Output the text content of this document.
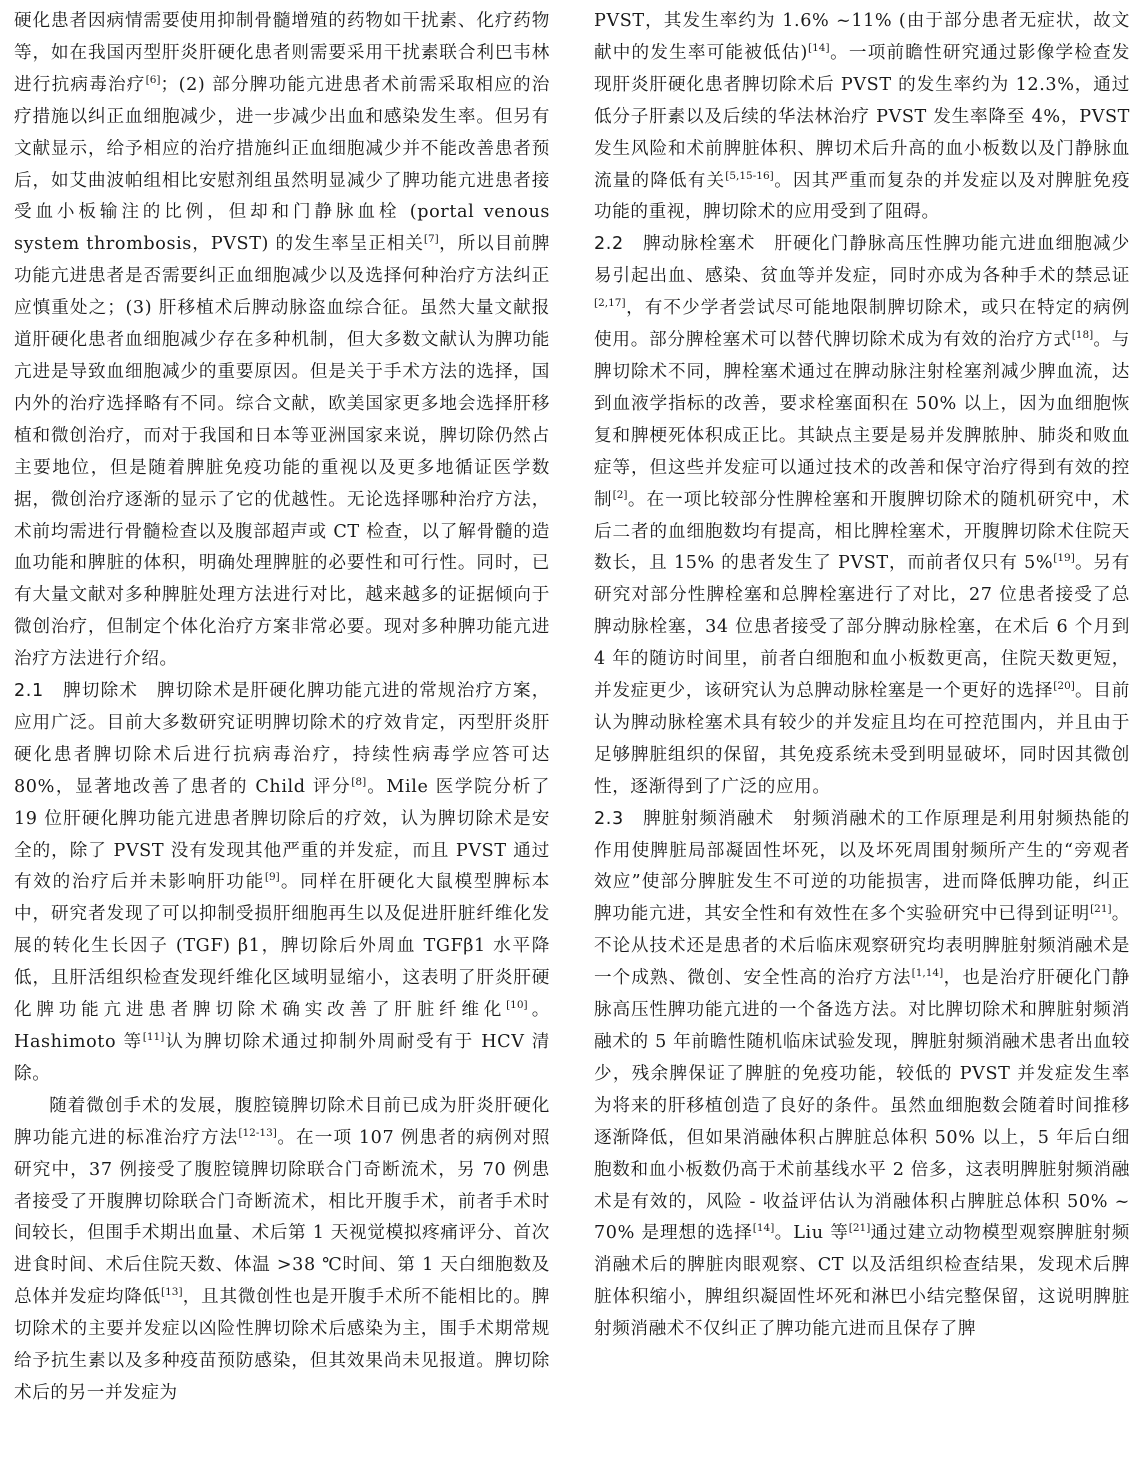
硬化患者因病情需要使用抑制骨髓增殖的药物如干扰素、化疗药物等，如在我国丙型肝炎肝硬化患者则需要采用干扰素联合利巴韦林进行抗病毒治疗[6]；(2) 部分脾功能亢进患者术前需采取相应的治疗措施以纠正血细胞减少，进一步减少出血和感染发生率。但另有文献显示，给予相应的治疗措施纠正血细胞减少并不能改善患者预后，如艾曲波帕组相比安慰剂组虽然明显减少了脾功能亢进患者接受血小板输注的比例，但却和门静脉血栓 (portal venous system thrombosis，PVST) 的发生率呈正相关[7]，所以目前脾功能亢进患者是否需要纠正血细胞减少以及选择何种治疗方法纠正应慎重处之；(3) 肝移植术后脾动脉盗血综合征。虽然大量文献报道肝硬化患者血细胞减少存在多种机制，但大多数文献认为脾功能亢进是导致血细胞减少的重要原因。但是关于手术方法的选择，国内外的治疗选择略有不同。综合文献，欧美国家更多地会选择肝移植和微创治疗，而对于我国和日本等亚洲国家来说，脾切除仍然占主要地位，但是随着脾脏免疫功能的重视以及更多地循证医学数据，微创治疗逐渐的显示了它的优越性。无论选择哪种治疗方法，术前均需进行骨髓检查以及腹部超声或 CT 检查，以了解骨髓的造血功能和脾脏的体积，明确处理脾脏的必要性和可行性。同时，已有大量文献对多种脾脏处理方法进行对比，越来越多的证据倾向于微创治疗，但制定个体化治疗方案非常必要。现对多种脾功能亢进治疗方法进行介绍。

2.1　 脾切除术　 脾切除术是肝硬化脾功能亢进的常规治疗方案，应用广泛。目前大多数研究证明脾切除术的疗效肯定，丙型肝炎肝硬化患者脾切除术后进行抗病毒治疗，持续性病毒学应答可达 80%，显著地改善了患者的 Child 评分[8]。Mile 医学院分析了 19 位肝硬化脾功能亢进患者脾切除后的疗效，认为脾切除术是安全的，除了 PVST 没有发现其他严重的并发症，而且 PVST 通过有效的治疗后并未影响肝功能[9]。同样在肝硬化大鼠模型脾标本中，研究者发现了可以抑制受损肝细胞再生以及促进肝脏纤维化发展的转化生长因子 (TGF) β1，脾切除后外周血 TGFβ1 水平降低，且肝活组织检查发现纤维化区域明显缩小，这表明了肝炎肝硬化脾功能亢进患者脾切除术确实改善了肝脏纤维化[10]。Hashimoto 等[11]认为脾切除术通过抑制外周耐受有于 HCV 清除。

随着微创手术的发展，腹腔镜脾切除术目前已成为肝炎肝硬化脾功能亢进的标准治疗方法[12-13]。在一项 107 例患者的病例对照研究中，37 例接受了腹腔镜脾切除联合门奇断流术，另 70 例患者接受了开腹脾切除联合门奇断流术，相比开腹手术，前者手术时间较长，但围手术期出血量、术后第 1 天视觉模拟疼痛评分、首次进食时间、术后住院天数、体温 >38 ℃时间、第 1 天白细胞数及总体并发症均降低[13]，且其微创性也是开腹手术所不能相比的。脾切除术的主要并发症以凶险性脾切除术后感染为主，围手术期常规给予抗生素以及多种疫苗预防感染，但其效果尚未见报道。脾切除术后的另一并发症为

PVST，其发生率约为 1.6% ~11% (由于部分患者无症状，故文献中的发生率可能被低估)[14]。一项前瞻性研究通过影像学检查发现肝炎肝硬化患者脾切除术后 PVST 的发生率约为 12.3%，通过低分子肝素以及后续的华法林治疗 PVST 发生率降至 4%，PVST 发生风险和术前脾脏体积、脾切术后升高的血小板数以及门静脉血流量的降低有关[5,15-16]。因其严重而复杂的并发症以及对脾脏免疫功能的重视，脾切除术的应用受到了阻碍。

2.2　 脾动脉栓塞术　 肝硬化门静脉高压性脾功能亢进血细胞减少易引起出血、感染、贫血等并发症，同时亦成为各种手术的禁忌证[2,17]，有不少学者尝试尽可能地限制脾切除术，或只在特定的病例使用。部分脾栓塞术可以替代脾切除术成为有效的治疗方式[18]。与脾切除术不同，脾栓塞术通过在脾动脉注射栓塞剂减少脾血流，达到血液学指标的改善，要求栓塞面积在 50% 以上，因为血细胞恢复和脾梗死体积成正比。其缺点主要是易并发脾脓肿、肺炎和败血症等，但这些并发症可以通过技术的改善和保守治疗得到有效的控制[2]。在一项比较部分性脾栓塞和开腹脾切除术的随机研究中，术后二者的血细胞数均有提高，相比脾栓塞术，开腹脾切除术住院天数长，且 15% 的患者发生了 PVST，而前者仅只有 5%[19]。另有研究对部分性脾栓塞和总脾栓塞进行了对比，27 位患者接受了总脾动脉栓塞，34 位患者接受了部分脾动脉栓塞，在术后 6 个月到 4 年的随访时间里，前者白细胞和血小板数更高，住院天数更短，并发症更少，该研究认为总脾动脉栓塞是一个更好的选择[20]。目前认为脾动脉栓塞术具有较少的并发症且均在可控范围内，并且由于足够脾脏组织的保留，其免疫系统未受到明显破坏，同时因其微创性，逐渐得到了广泛的应用。

2.3　 脾脏射频消融术　 射频消融术的工作原理是利用射频热能的作用使脾脏局部凝固性坏死，以及坏死周围射频所产生的“旁观者效应”使部分脾脏发生不可逆的功能损害，进而降低脾功能，纠正脾功能亢进，其安全性和有效性在多个实验研究中已得到证明[21]。不论从技术还是患者的术后临床观察研究均表明脾脏射频消融术是一个成熟、微创、安全性高的治疗方法[1,14]，也是治疗肝硬化门静脉高压性脾功能亢进的一个备选方法。对比脾切除术和脾脏射频消融术的 5 年前瞻性随机临床试验发现，脾脏射频消融术患者出血较少，残余脾保证了脾脏的免疫功能，较低的 PVST 并发症发生率为将来的肝移植创造了良好的条件。虽然血细胞数会随着时间推移逐渐降低，但如果消融体积占脾脏总体积 50% 以上，5 年后白细胞数和血小板数仍高于术前基线水平 2 倍多，这表明脾脏射频消融术是有效的，风险 - 收益评估认为消融体积占脾脏总体积 50% ~ 70% 是理想的选择[14]。Liu 等[21]通过建立动物模型观察脾脏射频消融术后的脾脏肉眼观察、CT 以及活组织检查结果，发现术后脾脏体积缩小，脾组织凝固性坏死和淋巴小结完整保留，这说明脾脏射频消融术不仅纠正了脾功能亢进而且保存了脾
